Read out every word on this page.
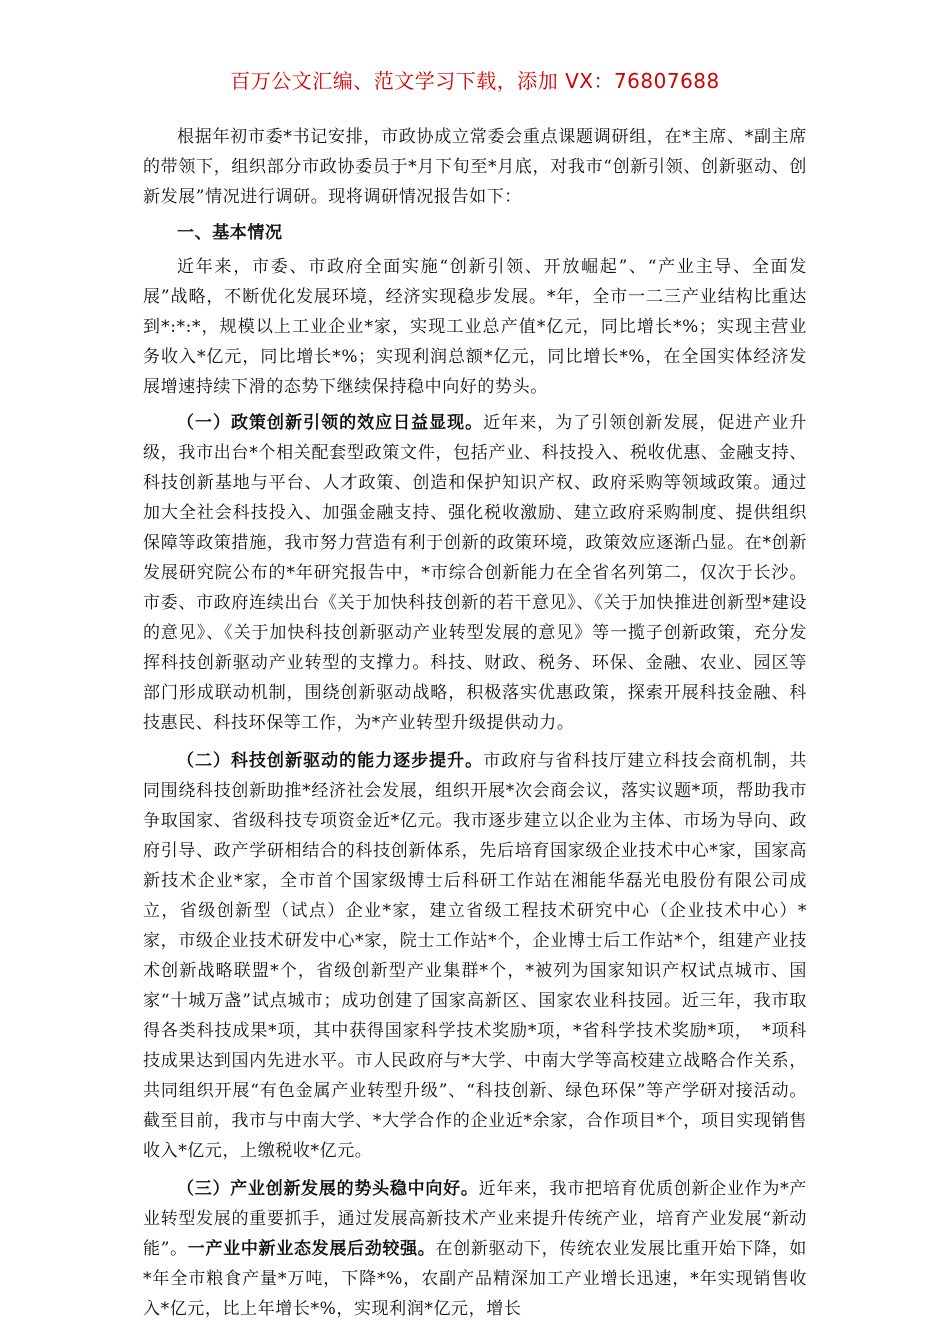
百万公文汇编、范文学习下载，添加 VX：76807688

根据年初市委*书记安排，市政协成立常委会重点课题调研组，在*主席、*副主席的带领下，组织部分市政协委员于*月下旬至*月底，对我市“创新引领、创新驱动、创新发展”情况进行调研。现将调研情况报告如下：

一、基本情况

近年来，市委、市政府全面实施“创新引领、开放崛起”、“产业主导、全面发展”战略，不断优化发展环境，经济实现稳步发展。*年，全市一二三产业结构比重达到*:*:*，规模以上工业企业*家，实现工业总产值*亿元，同比增长*%；实现主营业务收入*亿元，同比增长*%；实现利润总额*亿元，同比增长*%，在全国实体经济发展增速持续下滑的态势下继续保持稳中向好的势头。

（一）政策创新引领的效应日益显现。近年来，为了引领创新发展，促进产业升级，我市出台*个相关配套型政策文件，包括产业、科技投入、税收优惠、金融支持、科技创新基地与平台、人才政策、创造和保护知识产权、政府采购等领域政策。通过加大全社会科技投入、加强金融支持、强化税收激励、建立政府采购制度、提供组织保障等政策措施，我市努力营造有利于创新的政策环境，政策效应逐渐凸显。在*创新发展研究院公布的*年研究报告中，*市综合创新能力在全省名列第二，仅次于长沙。市委、市政府连续出台《关于加快科技创新的若干意见》、《关于加快推进创新型*建设的意见》、《关于加快科技创新驱动产业转型发展的意见》等一揽子创新政策，充分发挥科技创新驱动产业转型的支撑力。科技、财政、税务、环保、金融、农业、园区等部门形成联动机制，围绕创新驱动战略，积极落实优惠政策，探索开展科技金融、科技惠民、科技环保等工作，为*产业转型升级提供动力。

（二）科技创新驱动的能力逐步提升。市政府与省科技厅建立科技会商机制，共同围绕科技创新助推*经济社会发展，组织开展*次会商会议，落实议题*项，帮助我市争取国家、省级科技专项资金近*亿元。我市逐步建立以企业为主体、市场为导向、政府引导、政产学研相结合的科技创新体系，先后培育国家级企业技术中心*家，国家高新技术企业*家，全市首个国家级博士后科研工作站在湘能华磊光电股份有限公司成立，省级创新型（试点）企业*家，建立省级工程技术研究中心（企业技术中心）*家，市级企业技术研发中心*家，院士工作站*个，企业博士后工作站*个，组建产业技术创新战略联盟*个，省级创新型产业集群*个，*被列为国家知识产权试点城市、国家“十城万盏”试点城市；成功创建了国家高新区、国家农业科技园。近三年，我市取得各类科技成果*项，其中获得国家科学技术奖励*项，*省科学技术奖励*项，　*项科技成果达到国内先进水平。市人民政府与*大学、中南大学等高校建立战略合作关系，共同组织开展“有色金属产业转型升级”、“科技创新、绿色环保”等产学研对接活动。截至目前，我市与中南大学、*大学合作的企业近*余家，合作项目*个，项目实现销售收入*亿元，上缴税收*亿元。

（三）产业创新发展的势头稳中向好。近年来，我市把培育优质创新企业作为*产业转型发展的重要抓手，通过发展高新技术产业来提升传统产业，培育产业发展“新动能”。一产业中新业态发展后劲较强。在创新驱动下，传统农业发展比重开始下降，如*年全市粮食产量*万吨，下降*%，农副产品精深加工产业增长迅速，*年实现销售收入*亿元，比上年增长*%，实现利润*亿元，增长
